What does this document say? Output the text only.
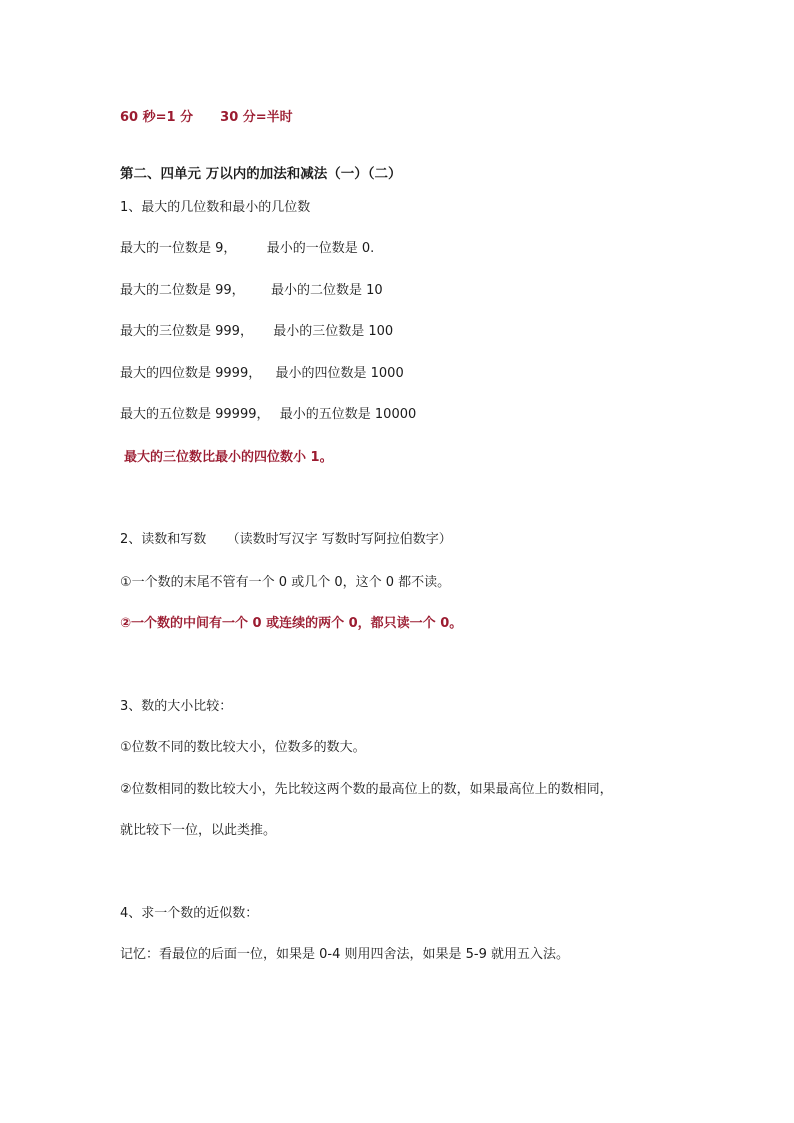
60 秒=1 分 30 分=半时
第二、四单元 万以内的加法和减法（一）（二）
1、最大的几位数和最小的几位数
最大的一位数是 9， 最小的一位数是 0.
最大的二位数是 99， 最小的二位数是 10
最大的三位数是 999， 最小的三位数是 100
最大的四位数是 9999， 最小的四位数是 1000
最大的五位数是 99999， 最小的五位数是 10000
最大的三位数比最小的四位数小 1。
2、读数和写数 （读数时写汉字 写数时写阿拉伯数字）
①一个数的末尾不管有一个 0 或几个 0，这个 0 都不读。
②一个数的中间有一个 0 或连续的两个 0，都只读一个 0。
3、数的大小比较：
①位数不同的数比较大小，位数多的数大。
②位数相同的数比较大小，先比较这两个数的最高位上的数，如果最高位上的数相同，
就比较下一位，以此类推。
4、求一个数的近似数：
记忆：看最位的后面一位，如果是 0-4 则用四舍法，如果是 5-9 就用五入法。
